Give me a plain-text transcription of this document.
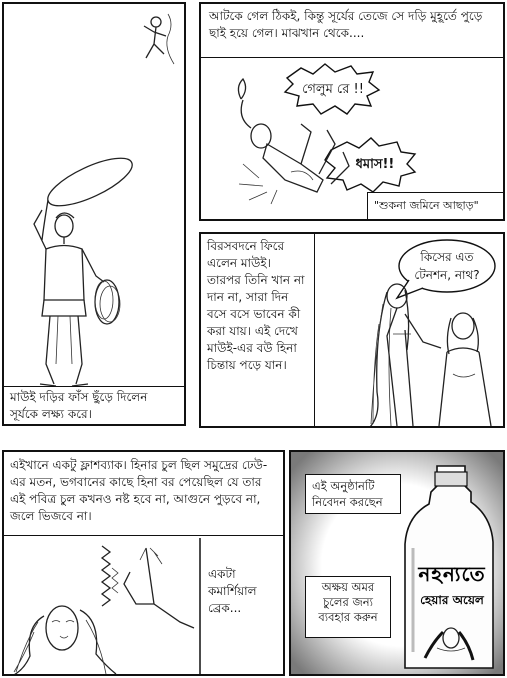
মাউই দড়ির ফাঁস ছুঁড়ে দিলেন সূর্যকে লক্ষ্য করে।
আটকে গেল ঠিকই, কিন্তু সূর্যের তেজে সে দড়ি মুহূর্তে পুড়ে ছাই হয়ে গেল। মাঝখান থেকে....
গেলুম রে !!
ধমাস!!
"শুকনা জমিনে আছাড়"
বিরসবদনে ফিরে এলেন মাউই। তারপর তিনি খান না দান না, সারা দিন বসে বসে ভাবেন কী করা যায়। এই দেখে মাউই-এর বউ হিনা চিন্তায় পড়ে যান।
কিসের এত টেনশন, নাথ?
এইখানে একটু ফ্লাশব্যাক। হিনার চুল ছিল সমুদ্রের ঢেউ-এর মতন, ভগবানের কাছে হিনা বর পেয়েছিল যে তার এই পবিত্র চুল কখনও নষ্ট হবে না, আগুনে পুড়বে না, জলে ভিজবে না।
একটা কমার্শিয়াল ব্রেক...
এই অনুষ্ঠানটি নিবেদন করছেন
নহন্যতে
হেয়ার অয়েল
অক্ষয় অমর চুলের জন্য ব্যবহার করুন
